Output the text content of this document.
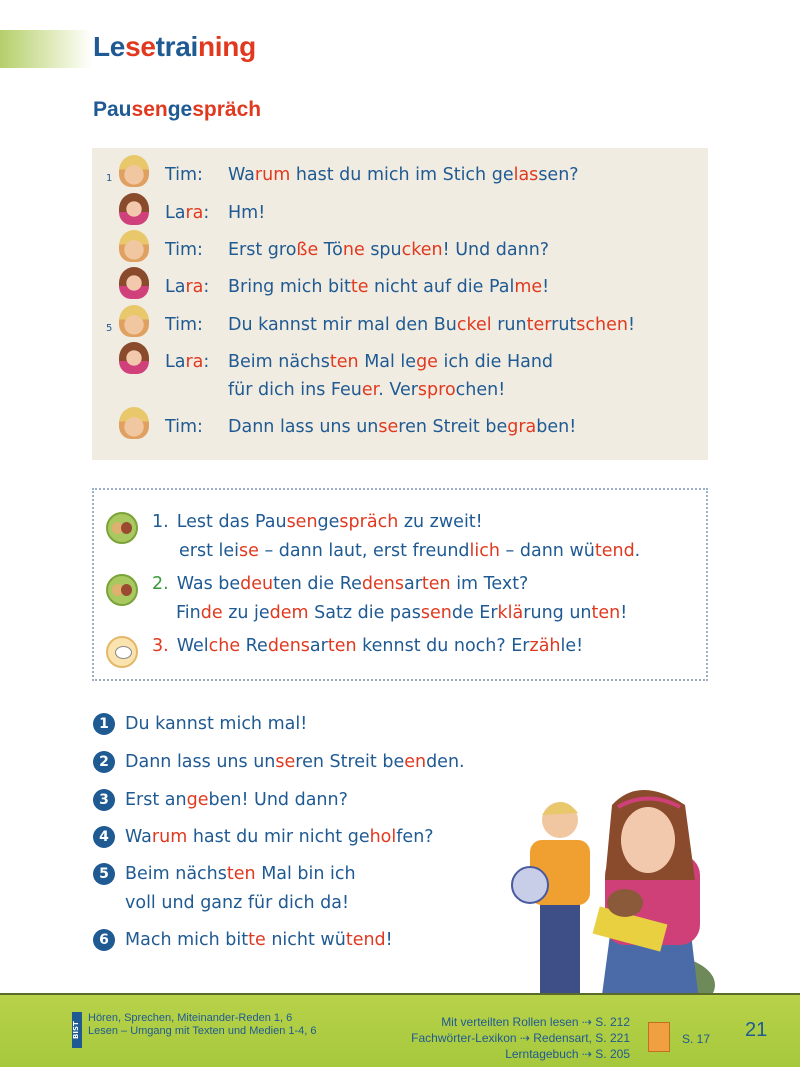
Lesetraining
Pausengespräch
1	Tim: Warum hast du mich im Stich gelassen?
Lara: Hm!
Tim: Erst große Töne spucken! Und dann?
Lara: Bring mich bitte nicht auf die Palme!
5	Tim: Du kannst mir mal den Buckel runterrutschen!
Lara: Beim nächsten Mal lege ich die Hand
für dich ins Feuer. Versprochen!
Tim: Dann lass uns unseren Streit begraben!
1. Lest das Pausengespräch zu zweit!
erst leise – dann laut, erst freundlich – dann wütend.
2. Was bedeuten die Redensarten im Text?
Finde zu jedem Satz die passende Erklärung unten!
3. Welche Redensarten kennst du noch? Erzähle!
1 Du kannst mich mal!
2 Dann lass uns unseren Streit beenden.
3 Erst angeben! Und dann?
4 Warum hast du mir nicht geholfen?
5 Beim nächsten Mal bin ich
voll und ganz für dich da!
6 Mach mich bitte nicht wütend!
BIST
Hören, Sprechen, Miteinander-Reden 1, 6
Lesen – Umgang mit Texten und Medien 1-4, 6
Mit verteilten Rollen lesen ⇢ S. 212
Fachwörter-Lexikon ⇢ Redensart, S. 221
Lerntagebuch ⇢ S. 205
S. 17 21
